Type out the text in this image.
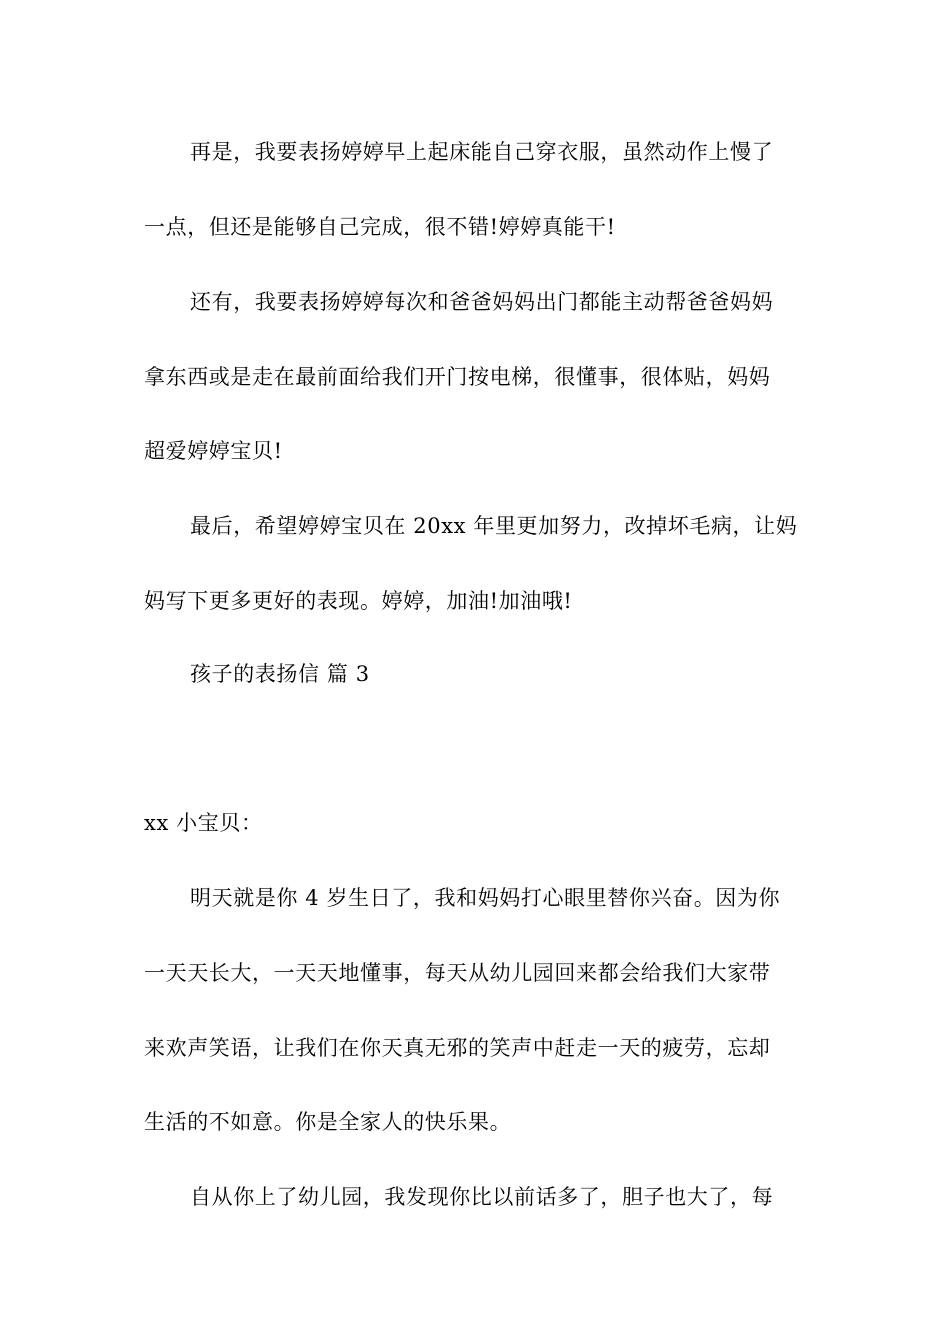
再是，我要表扬婷婷早上起床能自己穿衣服，虽然动作上慢了
一点，但还是能够自己完成，很不错!婷婷真能干!
还有，我要表扬婷婷每次和爸爸妈妈出门都能主动帮爸爸妈妈
拿东西或是走在最前面给我们开门按电梯，很懂事，很体贴，妈妈
超爱婷婷宝贝!
最后，希望婷婷宝贝在 20xx 年里更加努力，改掉坏毛病，让妈
妈写下更多更好的表现。婷婷，加油!加油哦!
孩子的表扬信 篇 3
xx 小宝贝：
明天就是你 4 岁生日了，我和妈妈打心眼里替你兴奋。因为你
一天天长大，一天天地懂事，每天从幼儿园回来都会给我们大家带
来欢声笑语，让我们在你天真无邪的笑声中赶走一天的疲劳，忘却
生活的不如意。你是全家人的快乐果。
自从你上了幼儿园，我发现你比以前话多了，胆子也大了，每
